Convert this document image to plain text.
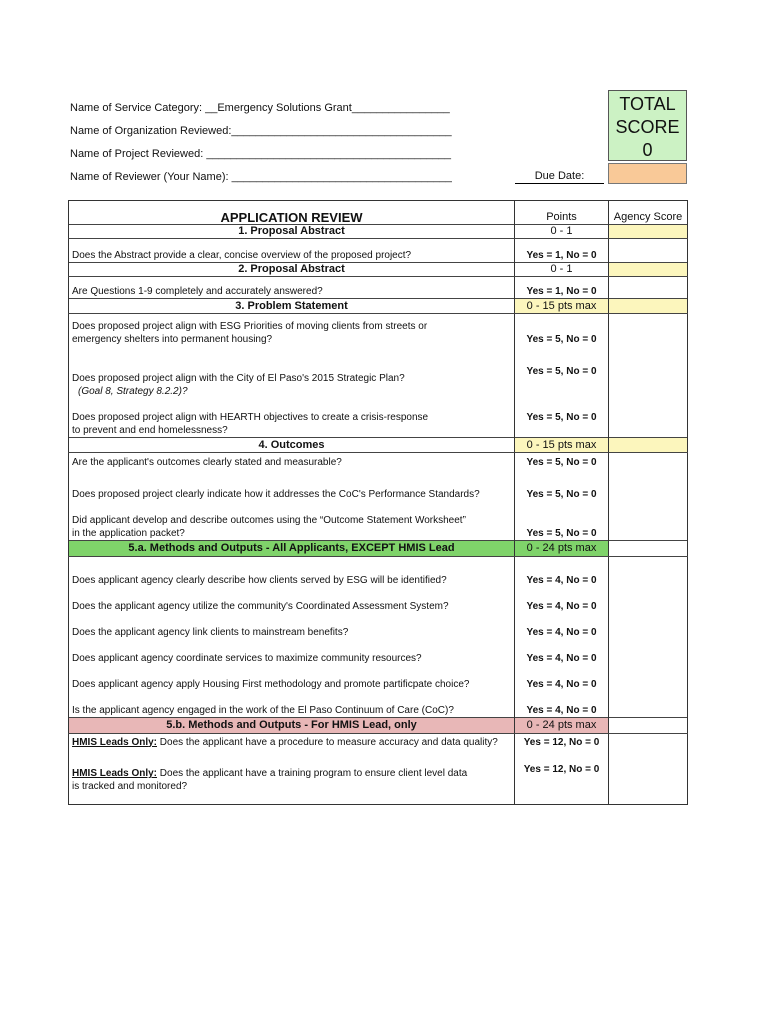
Name of Service Category: __Emergency Solutions Grant________________
Name of Organization Reviewed:____________________________________
Name of Project Reviewed: ________________________________________
Name of Reviewer (Your Name): ____________________________________	Due Date:
TOTAL
SCORE
0
APPLICATION REVIEW	Points	Agency Score
1. Proposal Abstract	0 - 1	
Does the Abstract provide a clear, concise overview of the proposed project?	Yes = 1, No = 0	
2. Proposal Abstract	0 - 1	
Are Questions 1-9 completely and accurately answered?	Yes = 1, No = 0	
3. Problem Statement	0 - 15 pts max	
Does proposed project align with ESG Priorities of moving clients from streets or
emergency shelters into permanent housing?	Yes = 5, No = 0	
Does proposed project align with the City of El Paso's 2015 Strategic Plan?
(Goal 8, Strategy 8.2.2)?	Yes = 5, No = 0	
Does proposed project align with HEARTH objectives to create a crisis-response
to prevent and end homelessness?	Yes = 5, No = 0	
4. Outcomes	0 - 15 pts max	
Are the applicant's outcomes clearly stated and measurable?	Yes = 5, No = 0	
Does proposed project clearly indicate how it addresses the CoC's Performance Standards?	Yes = 5, No = 0	
Did applicant develop and describe outcomes using the “Outcome Statement Worksheet”
in the application packet?	Yes = 5, No = 0	
5.a. Methods and Outputs - All Applicants, EXCEPT HMIS Lead	0 - 24 pts max	
Does applicant agency clearly describe how clients served by ESG will be identified?	Yes = 4, No = 0	
Does the applicant agency utilize the community's Coordinated Assessment System?	Yes = 4, No = 0	
Does the applicant agency link clients to mainstream benefits?	Yes = 4, No = 0	
Does applicant agency coordinate services to maximize community resources?	Yes = 4, No = 0	
Does applicant agency apply Housing First methodology and promote partificpate choice?	Yes = 4, No = 0	
Is the applicant agency engaged in the work of the El Paso Continuum of Care (CoC)?	Yes = 4, No = 0	
5.b. Methods and Outputs - For HMIS Lead, only	0 - 24 pts max	
HMIS Leads Only: Does the applicant have a procedure to measure accuracy and data quality?	Yes = 12, No = 0	
HMIS Leads Only: Does the applicant have a training program to ensure client level data
is tracked and monitored?	Yes = 12, No = 0	
